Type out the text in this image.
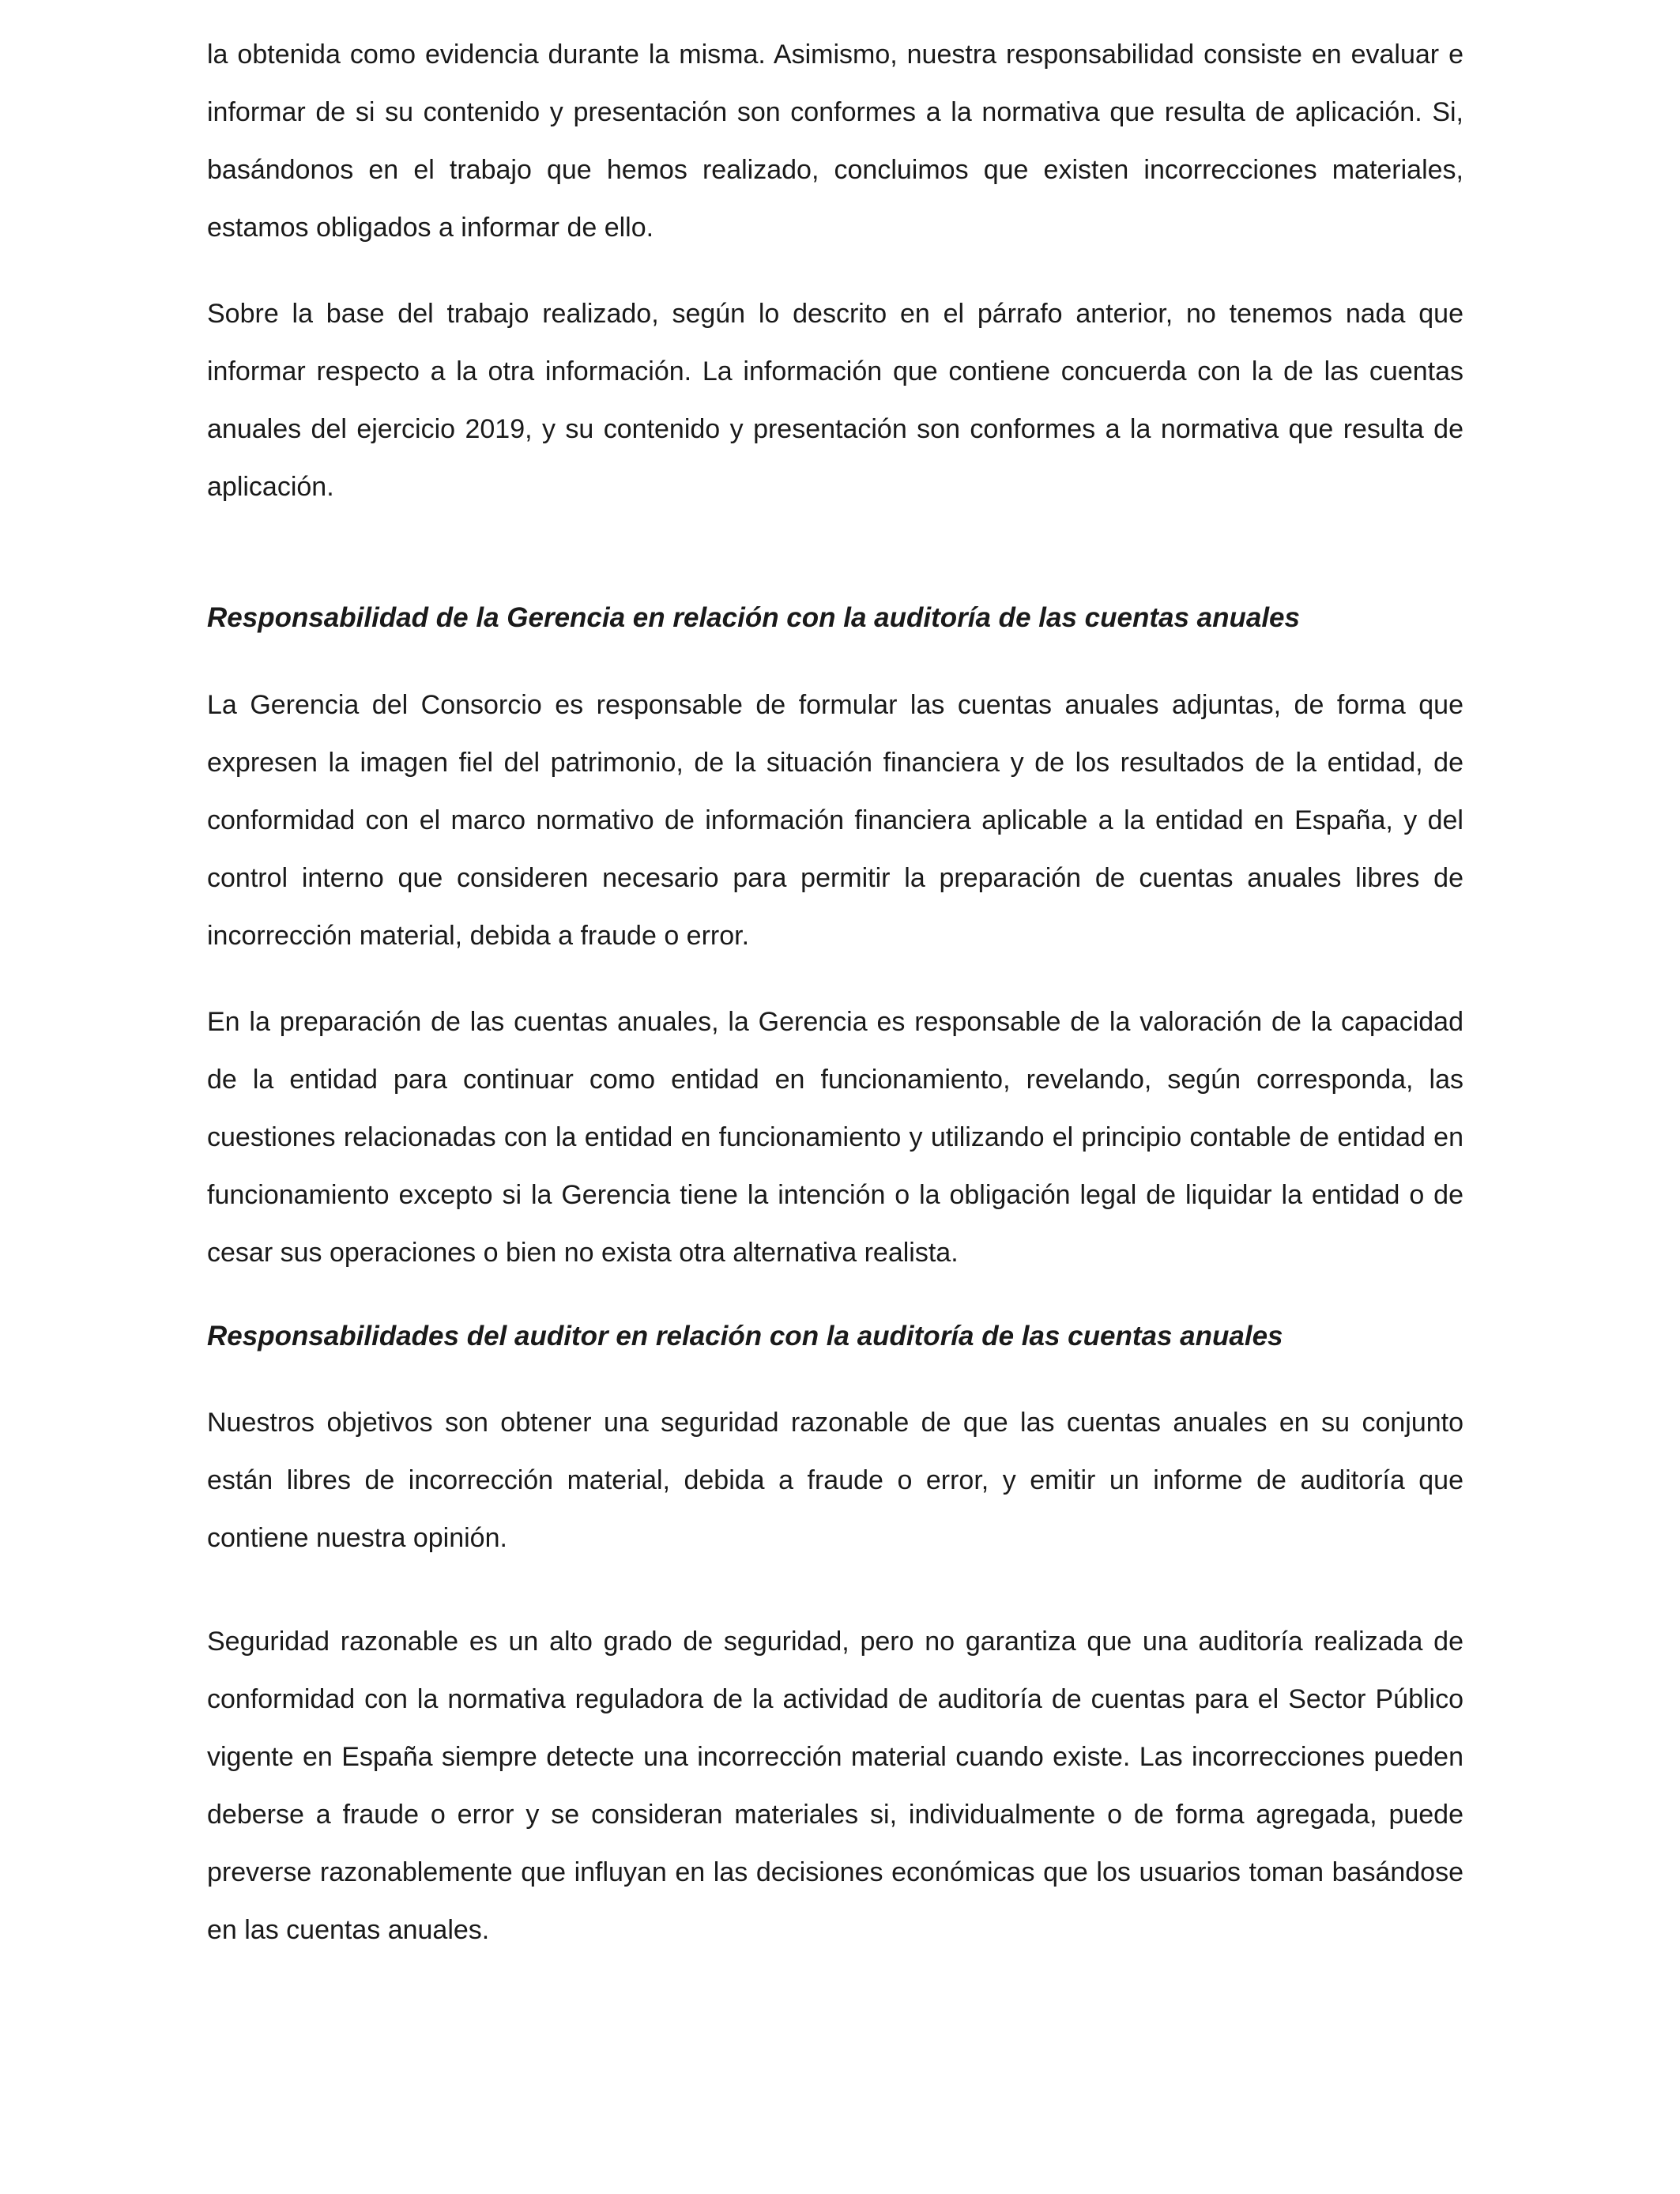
la obtenida como evidencia durante la misma. Asimismo, nuestra responsabilidad consiste en evaluar e informar de si su contenido y presentación son conformes a la normativa que resulta de aplicación. Si, basándonos en el trabajo que hemos realizado, concluimos que existen incorrecciones materiales, estamos obligados a informar de ello.

Sobre la base del trabajo realizado, según lo descrito en el párrafo anterior, no tenemos nada que informar respecto a la otra información. La información que contiene concuerda con la de las cuentas anuales del ejercicio 2019, y su contenido y presentación son conformes a la normativa que resulta de aplicación.

Responsabilidad de la Gerencia en relación con la auditoría de las cuentas anuales

La Gerencia del Consorcio es responsable de formular las cuentas anuales adjuntas, de forma que expresen la imagen fiel del patrimonio, de la situación financiera y de los resultados de la entidad, de conformidad con el marco normativo de información financiera aplicable a la entidad en España, y del control interno que consideren necesario para permitir la preparación de cuentas anuales libres de incorrección material, debida a fraude o error.

En la preparación de las cuentas anuales, la Gerencia es responsable de la valoración de la capacidad de la entidad para continuar como entidad en funcionamiento, revelando, según corresponda, las cuestiones relacionadas con la entidad en funcionamiento y utilizando el principio contable de entidad en funcionamiento excepto si la Gerencia tiene la intención o la obligación legal de liquidar la entidad o de cesar sus operaciones o bien no exista otra alternativa realista.

Responsabilidades del auditor en relación con la auditoría de las cuentas anuales

Nuestros objetivos son obtener una seguridad razonable de que las cuentas anuales en su conjunto están libres de incorrección material, debida a fraude o error, y emitir un informe de auditoría que contiene nuestra opinión.

Seguridad razonable es un alto grado de seguridad, pero no garantiza que una auditoría realizada de conformidad con la normativa reguladora de la actividad de auditoría de cuentas para el Sector Público vigente en España siempre detecte una incorrección material cuando existe. Las incorrecciones pueden deberse a fraude o error y se consideran materiales si, individualmente o de forma agregada, puede preverse razonablemente que influyan en las decisiones económicas que los usuarios toman basándose en las cuentas anuales.
